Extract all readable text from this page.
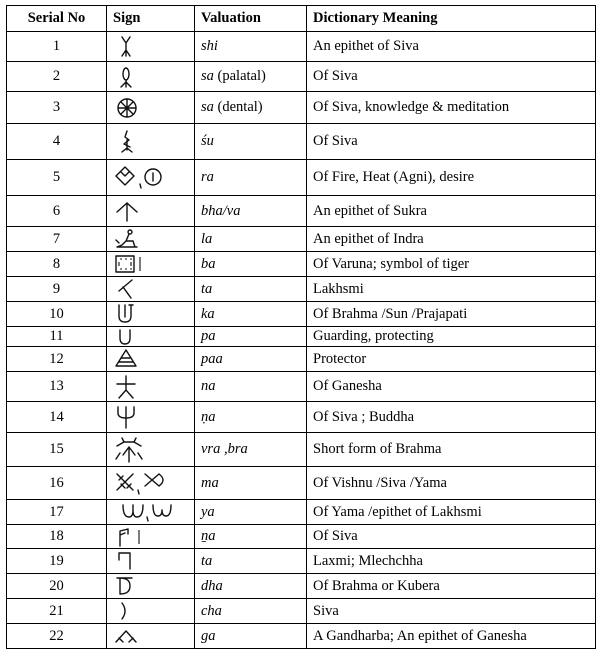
Serial No	Sign	Valuation	Dictionary Meaning
1		shi	An epithet of Siva
2		sa (palatal)	Of Siva
3		sa (dental)	Of Siva, knowledge & meditation
4		śu	Of Siva
5		ra	Of Fire, Heat (Agni), desire
6		bha/va	An epithet of Sukra
7		la	An epithet of Indra
8		ba	Of Varuna; symbol of tiger
9		ta	Lakhsmi
10		ka	Of Brahma /Sun /Prajapati
11		pa	Guarding, protecting
12		paa	Protector
13		na	Of Ganesha
14		ṇa	Of Siva ; Buddha
15		vra ,bra	Short form of Brahma
16		ma	Of Vishnu /Siva /Yama
17		ya	Of Yama /epithet of Lakhsmi
18		ṉa	Of Siva
19		ta	Laxmi; Mlechchha
20		dha	Of Brahma or Kubera
21		cha	Siva
22		ga	A Gandharba; An epithet of Ganesha
